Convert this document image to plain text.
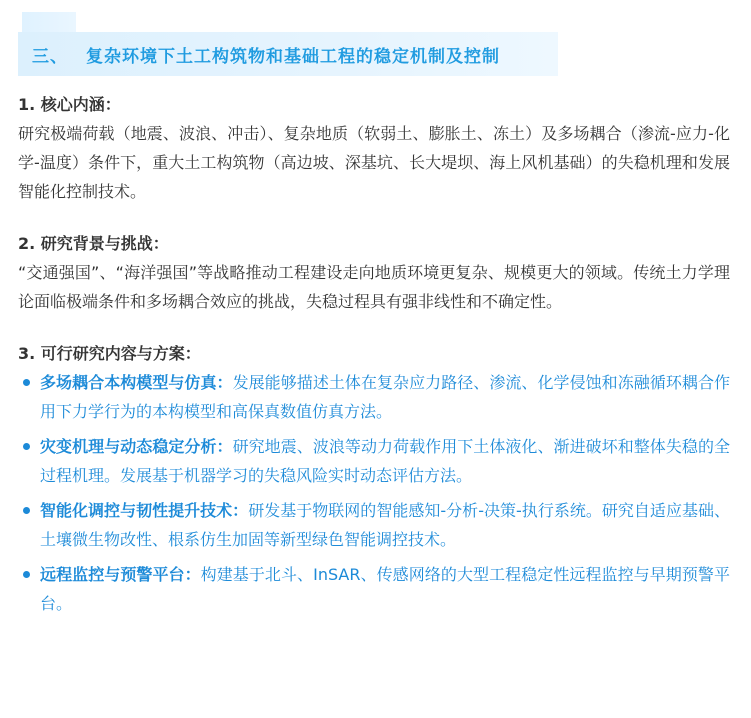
三、 复杂环境下土工构筑物和基础工程的稳定机制及控制

1. 核心内涵：

研究极端荷载（地震、波浪、冲击）、复杂地质（软弱土、膨胀土、冻土）及多场耦合（渗流-应力-化学-温度）条件下，重大土工构筑物（高边坡、深基坑、长大堤坝、海上风机基础）的失稳机理和发展智能化控制技术。

2. 研究背景与挑战：

“交通强国”、“海洋强国”等战略推动工程建设走向地质环境更复杂、规模更大的领域。传统土力学理论面临极端条件和多场耦合效应的挑战，失稳过程具有强非线性和不确定性。

3. 可行研究内容与方案：

多场耦合本构模型与仿真：发展能够描述土体在复杂应力路径、渗流、化学侵蚀和冻融循环耦合作用下力学行为的本构模型和高保真数值仿真方法。
灾变机理与动态稳定分析：研究地震、波浪等动力荷载作用下土体液化、渐进破坏和整体失稳的全过程机理。发展基于机器学习的失稳风险实时动态评估方法。
智能化调控与韧性提升技术：研发基于物联网的智能感知-分析-决策-执行系统。研究自适应基础、土壤微生物改性、根系仿生加固等新型绿色智能调控技术。
远程监控与预警平台：构建基于北斗、InSAR、传感网络的大型工程稳定性远程监控与早期预警平台。
